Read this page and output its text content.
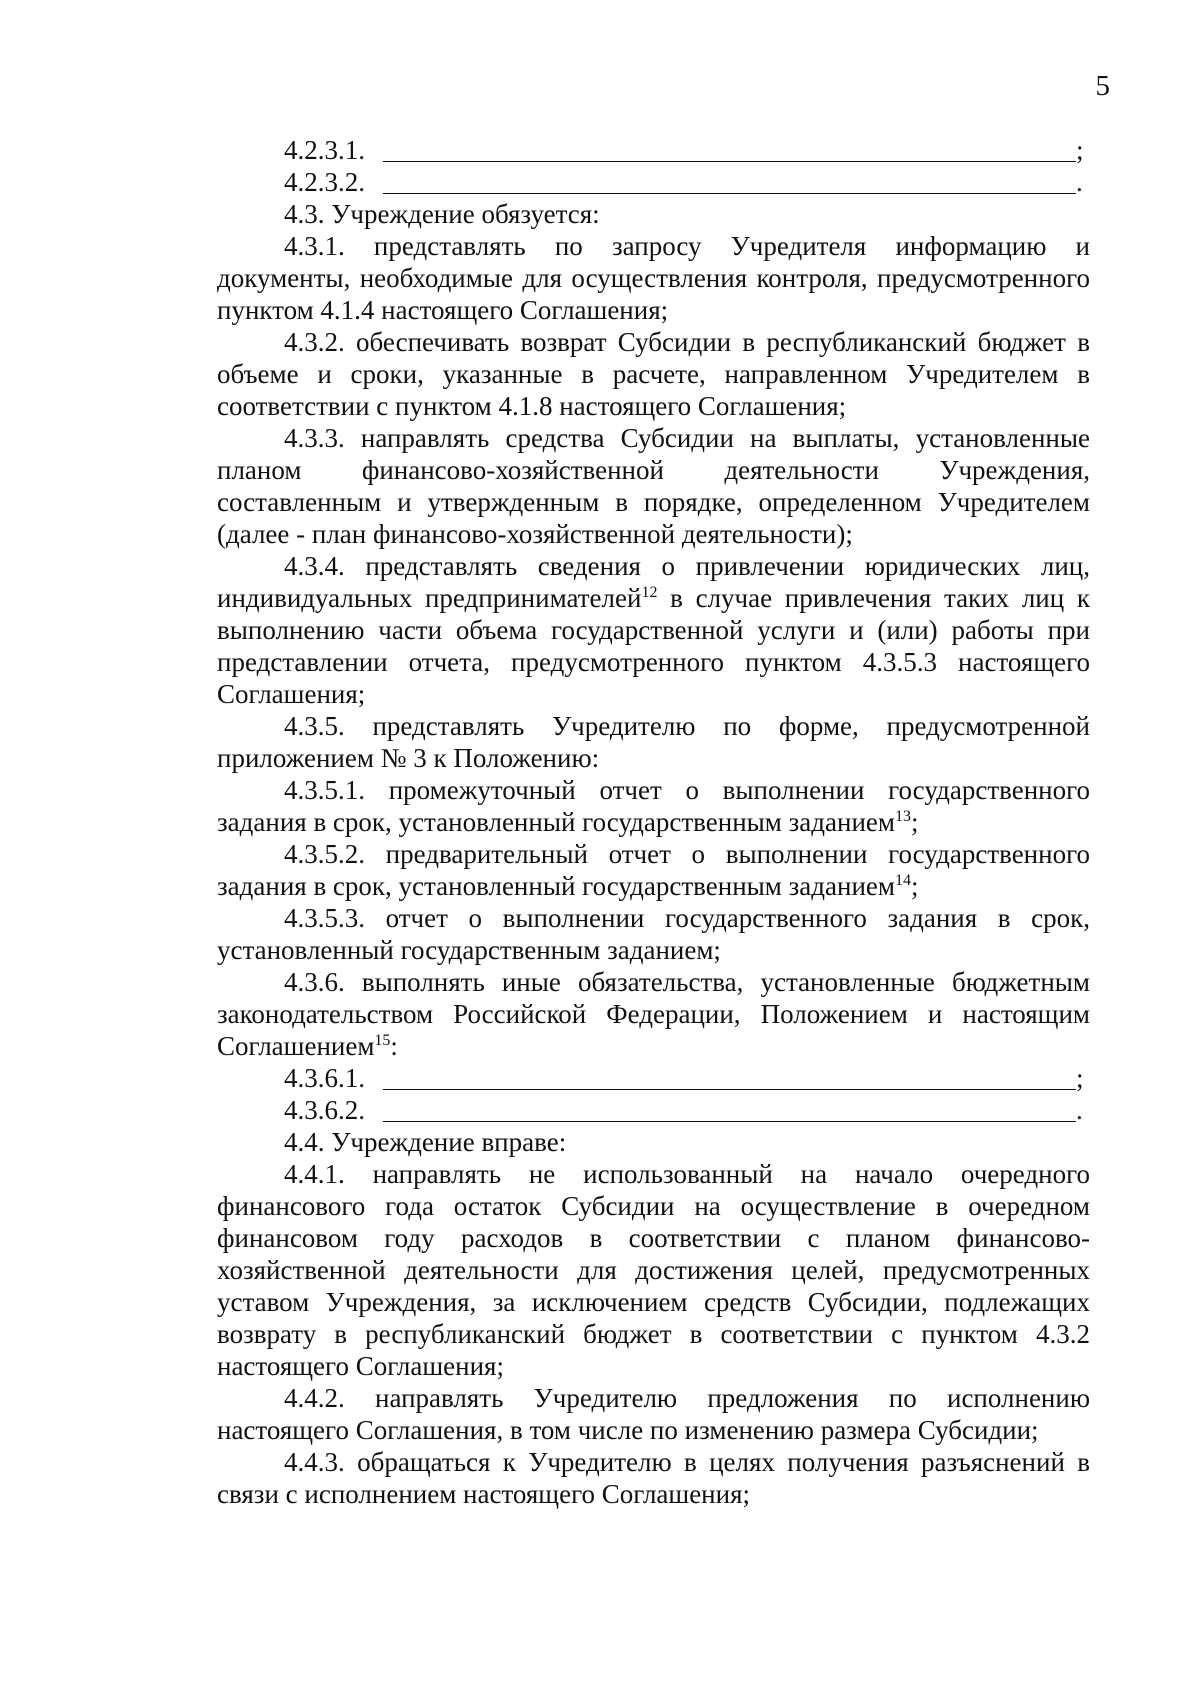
5
4.2.3.1.	;
4.2.3.2.	.

4.3. Учреждение обязуется:

4.3.1. представлять по запросу Учредителя информацию и документы, необходимые для осуществления контроля, предусмотренного пунктом 4.1.4 настоящего Соглашения;

4.3.2. обеспечивать возврат Субсидии в республиканский бюджет в объеме и сроки, указанные в расчете, направленном Учредителем в соответствии с пунктом 4.1.8 настоящего Соглашения;

4.3.3. направлять средства Субсидии на выплаты, установленные планом финансово-хозяйственной деятельности Учреждения, составленным и утвержденным в порядке, определенном Учредителем (далее - план финансово-хозяйственной деятельности);

4.3.4. представлять сведения о привлечении юридических лиц, индивидуальных предпринимателей$^{12}$ в случае привлечения таких лиц к выполнению части объема государственной услуги и (или) работы при представлении отчета, предусмотренного пунктом 4.3.5.3 настоящего Соглашения;

4.3.5. представлять Учредителю по форме, предусмотренной приложением № 3 к Положению:

4.3.5.1. промежуточный отчет о выполнении государственного задания в срок, установленный государственным заданием$^{13}$;

4.3.5.2. предварительный отчет о выполнении государственного задания в срок, установленный государственным заданием$^{14}$;

4.3.5.3. отчет о выполнении государственного задания в срок, установленный государственным заданием;

4.3.6. выполнять иные обязательства, установленные бюджетным законодательством Российской Федерации, Положением и настоящим Соглашением$^{15}$:

4.3.6.1.	;
4.3.6.2.	.

4.4. Учреждение вправе:

4.4.1. направлять не использованный на начало очередного финансового года остаток Субсидии на осуществление в очередном финансовом году расходов в соответствии с планом финансово-хозяйственной деятельности для достижения целей, предусмотренных уставом Учреждения, за исключением средств Субсидии, подлежащих возврату в республиканский бюджет в соответствии с пунктом 4.3.2 настоящего Соглашения;

4.4.2. направлять Учредителю предложения по исполнению настоящего Соглашения, в том числе по изменению размера Субсидии;

4.4.3. обращаться к Учредителю в целях получения разъяснений в связи с исполнением настоящего Соглашения;
